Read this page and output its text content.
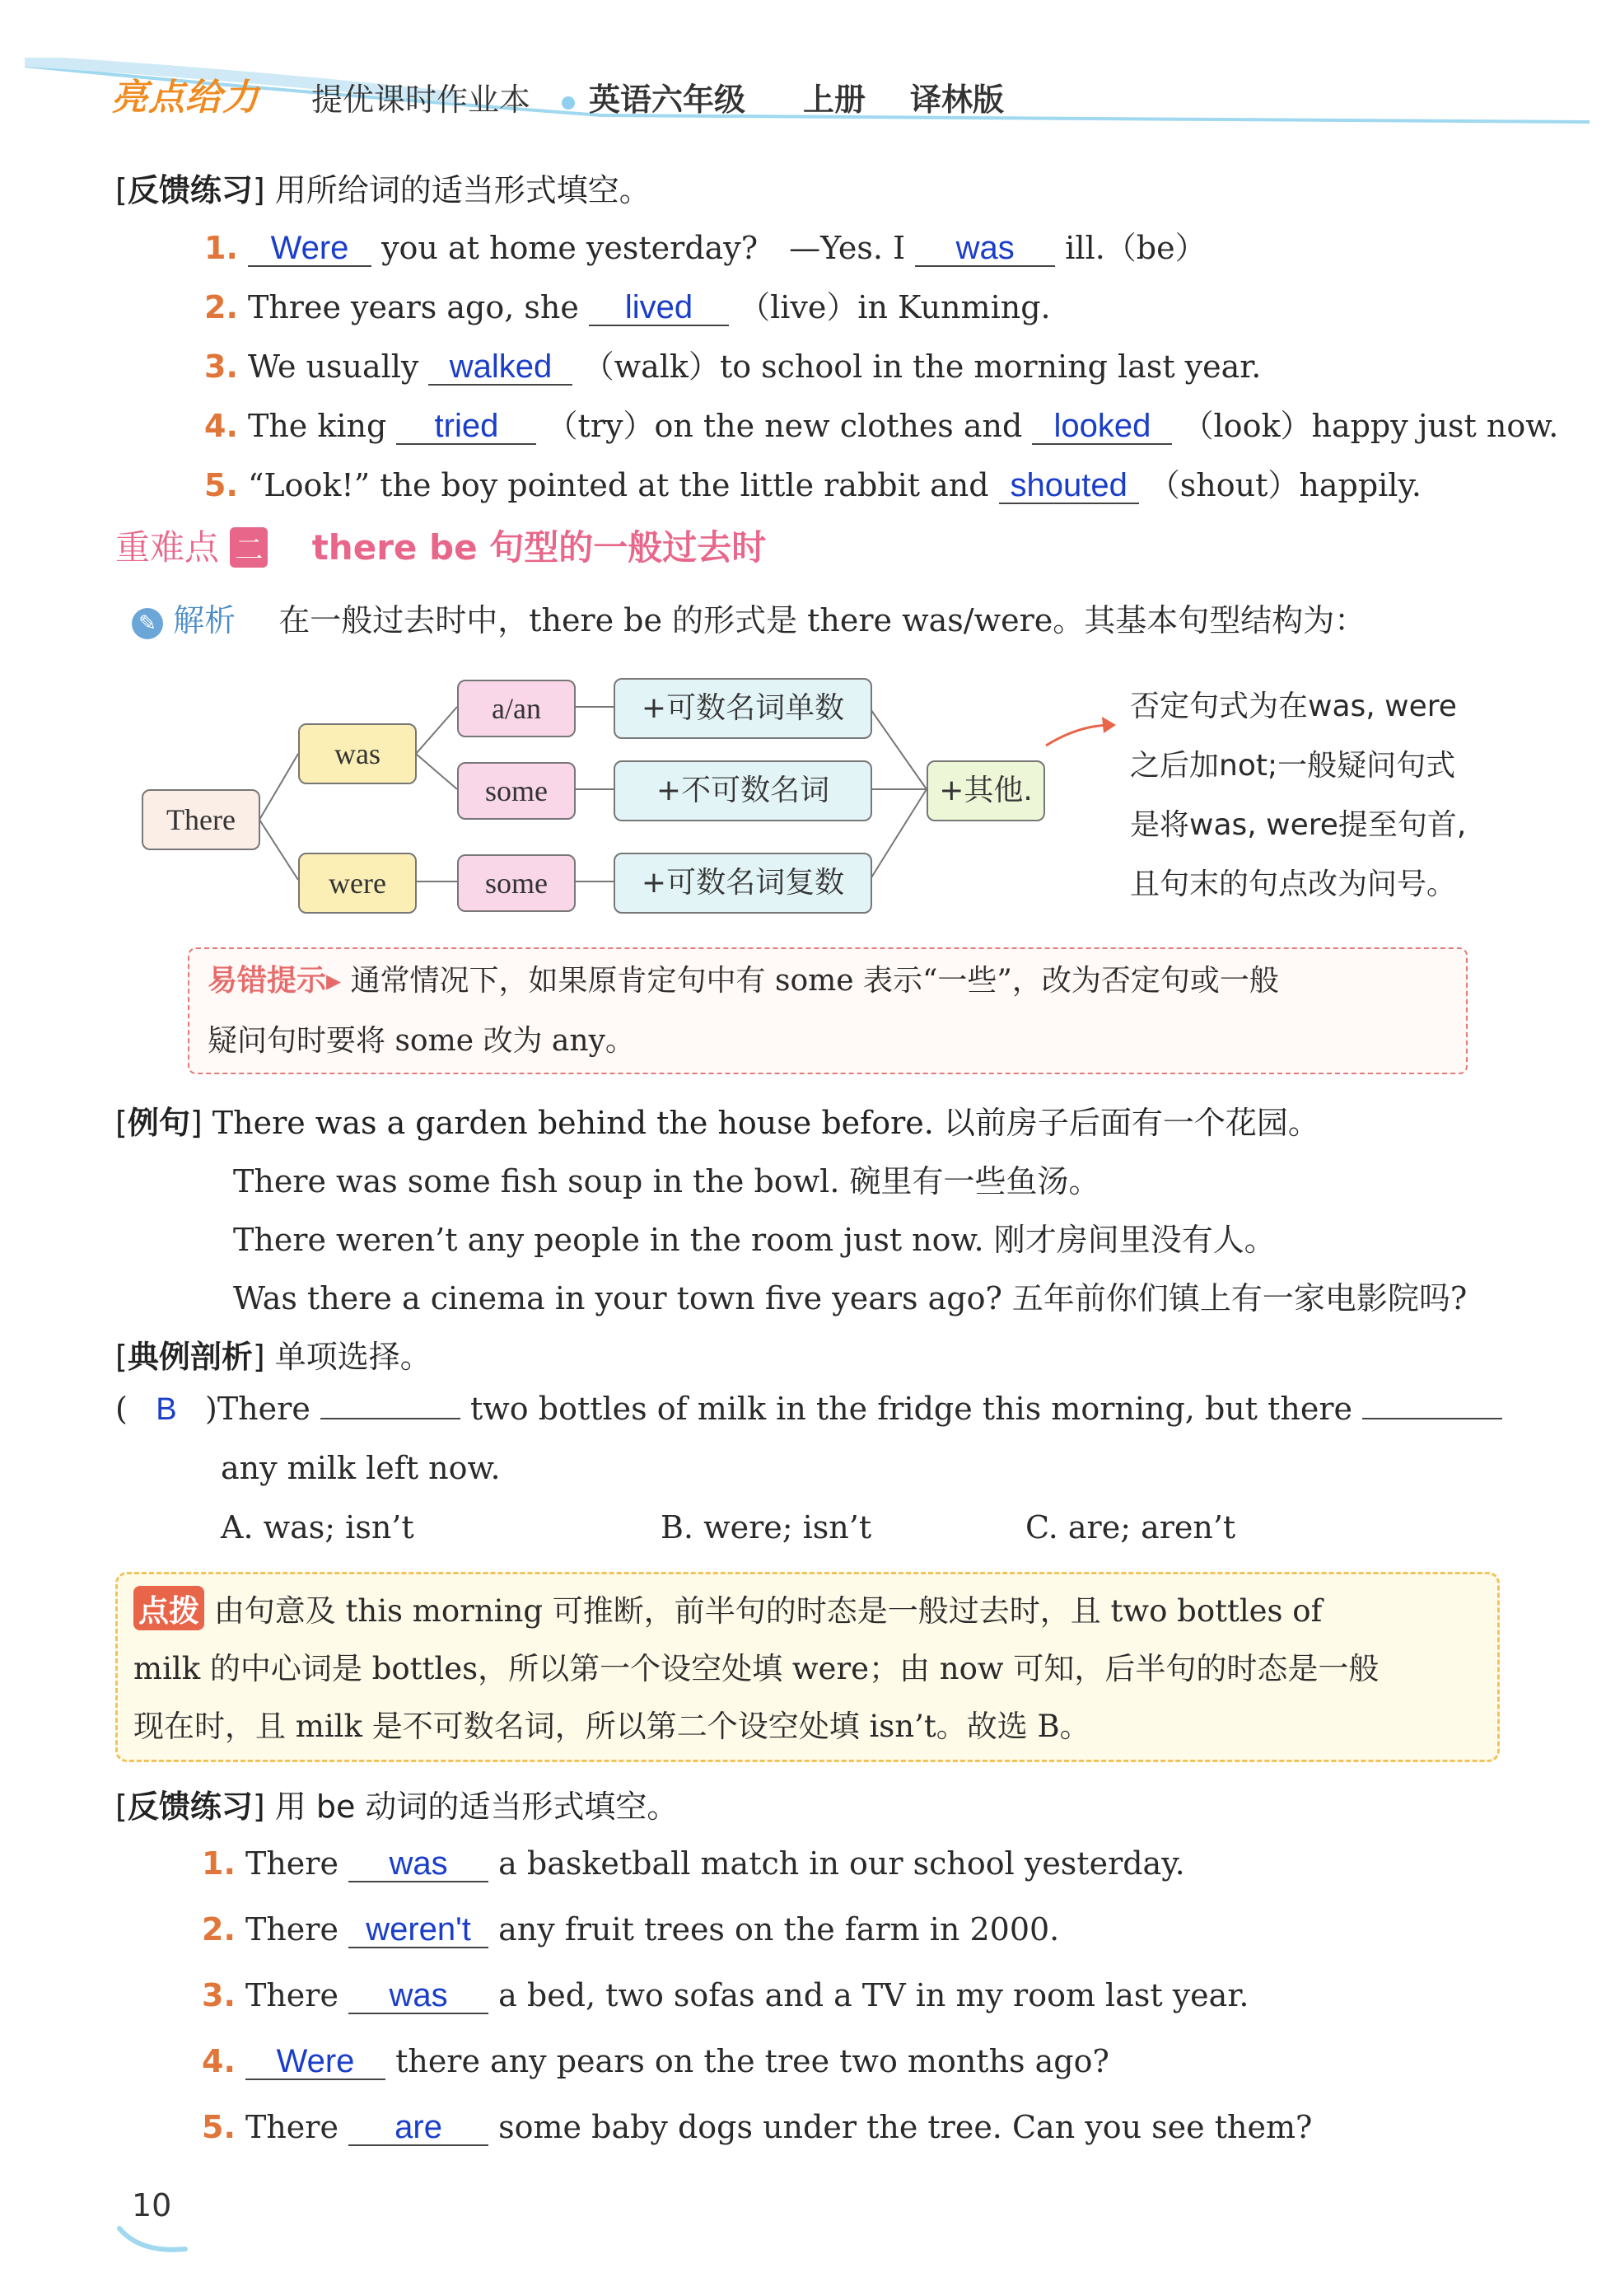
亮点给力 提优课时作业本 英语六年级 上册 译林版
[反馈练习] 用所给词的适当形式填空。
1. Were you at home yesterday?　—Yes. I was ill.（be）
2. Three years ago, she lived （live）in Kunming.
3. We usually walked （walk）to school in the morning last year.
4. The king tried （try）on the new clothes and looked （look）happy just now.
5. “Look!” the boy pointed at the little rabbit and shouted （shout）happily.
重难点 二 there be 句型的一般过去时
✎ 解析 在一般过去时中，there be 的形式是 there was/were。其基本句型结构为：
There
was
were
a/an
some
some
+可数名词单数
+不可数名词
+可数名词复数
+其他.
否定句式为在was, were
之后加not;一般疑问句式
是将was, were提至句首,
且句末的句点改为问号。
易错提示▸ 通常情况下，如果原肯定句中有 some 表示“一些”，改为否定句或一般
疑问句时要将 some 改为 any。
[例句] There was a garden behind the house before. 以前房子后面有一个花园。
There was some fish soup in the bowl. 碗里有一些鱼汤。
There weren’t any people in the room just now. 刚才房间里没有人。
Was there a cinema in your town five years ago? 五年前你们镇上有一家电影院吗?
[典例剖析] 单项选择。
( B )There	two bottles of milk in the fridge this morning, but there
any milk left now.
A. was; isn’t	B. were; isn’t	C. are; aren’t
点拨 由句意及 this morning 可推断，前半句的时态是一般过去时，且 two bottles of
milk 的中心词是 bottles，所以第一个设空处填 were；由 now 可知，后半句的时态是一般
现在时，且 milk 是不可数名词，所以第二个设空处填 isn’t。故选 B。
[反馈练习] 用 be 动词的适当形式填空。
1. There was a basketball match in our school yesterday.
2. There weren't any fruit trees on the farm in 2000.
3. There was a bed, two sofas and a TV in my room last year.
4. Were there any pears on the tree two months ago?
5. There are some baby dogs under the tree. Can you see them?
10
